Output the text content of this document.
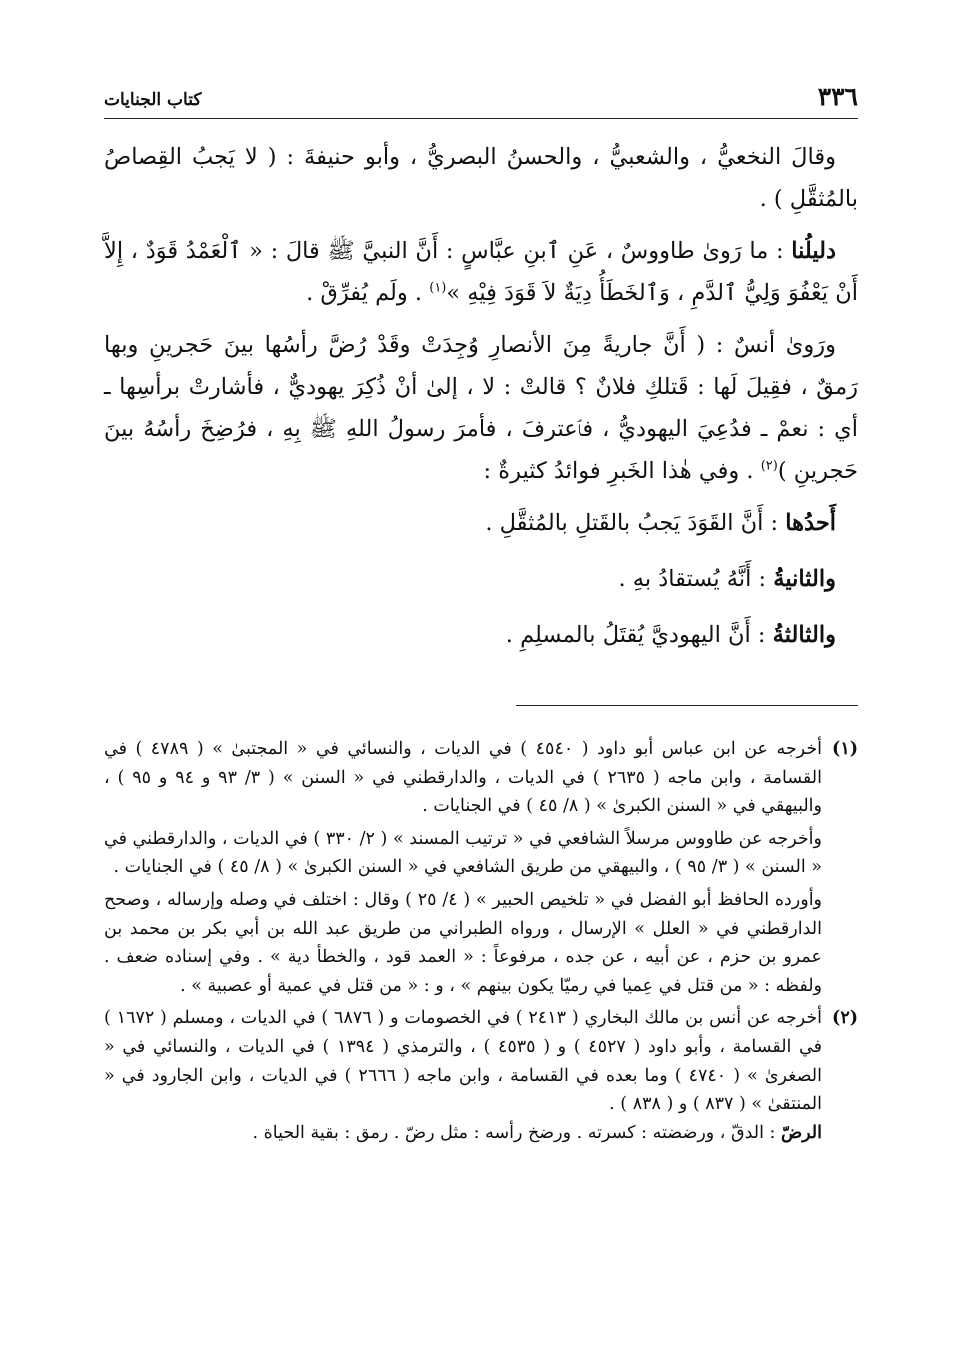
٣٣٦
كتاب الجنايات

وقالَ النخعيُّ ، والشعبيُّ ، والحسنُ البصريُّ ، وأبو حنيفةَ : ( لا يَجبُ القِصاصُ بالمُثقَّلِ ) .

دليلُنا : ما رَوىٰ طاووسٌ ، عَنِ ٱبنِ عبَّاسٍ : أَنَّ النبيَّ ﷺ قالَ : « ٱلْعَمْدُ قَوَدٌ ، إِلاَّ أَنْ يَعْفُوَ وَلِيُّ ٱلدَّمِ ، وَٱلخَطَأُ دِيَةٌ لاَ قَوَدَ فِيْهِ »$^{(١)}$ . ولَم يُفرِّقْ .

ورَوىٰ أنسٌ : ( أَنَّ جاريةً مِنَ الأنصارِ وُجِدَتْ وقَدْ رُضَّ رأسُها بينَ حَجرينِ وبها رَمقٌ ، فقِيلَ لَها : قَتلكِ فلانٌ ؟ قالتْ : لا ، إلىٰ أنْ ذُكِرَ يهوديٌّ ، فأشارتْ برأسِها ـ أي : نعمْ ـ فدُعِيَ اليهوديُّ ، فٱعترفَ ، فأمرَ رسولُ اللهِ ﷺ بِهِ ، فرُضِخَ رأسُهُ بينَ حَجرينِ )$^{(٢)}$ . وفي هٰذا الخَبرِ فوائدُ كثيرةٌ :

أَحدُها : أَنَّ القَوَدَ يَجبُ بالقَتلِ بالمُثقَّلِ .

والثانيةُ : أَنَّهُ يُستقادُ بهِ .

والثالثةُ : أَنَّ اليهوديَّ يُقتَلُ بالمسلِمِ .

(١)

أخرجه عن ابن عباس أبو داود ( ٤٥٤٠ ) في الديات ، والنسائي في « المجتبىٰ » ( ٤٧٨٩ ) في القسامة ، وابن ماجه ( ٢٦٣٥ ) في الديات ، والدارقطني في « السنن » ( ٣/ ٩٣ و ٩٤ و ٩٥ ) ، والبيهقي في « السنن الكبرىٰ » ( ٨/ ٤٥ ) في الجنايات .

وأخرجه عن طاووس مرسلاً الشافعي في « ترتيب المسند » ( ٢/ ٣٣٠ ) في الديات ، والدارقطني في « السنن » ( ٣/ ٩٥ ) ، والبيهقي من طريق الشافعي في « السنن الكبرىٰ » ( ٨/ ٤٥ ) في الجنايات .

وأورده الحافظ أبو الفضل في « تلخيص الحبير » ( ٤/ ٢٥ ) وقال : اختلف في وصله وإرساله ، وصحح الدارقطني في « العلل » الإرسال ، ورواه الطبراني من طريق عبد الله بن أبي بكر بن محمد بن عمرو بن حزم ، عن أبيه ، عن جده ، مرفوعاً : « العمد قود ، والخطأ دية » . وفي إسناده ضعف . ولفظه : « من قتل في عِميا في رميّا يكون بينهم » ، و : « من قتل في عمية أو عصبية » .

(٢)

أخرجه عن أنس بن مالك البخاري ( ٢٤١٣ ) في الخصومات و ( ٦٨٧٦ ) في الديات ، ومسلم ( ١٦٧٢ ) في القسامة ، وأبو داود ( ٤٥٢٧ ) و ( ٤٥٣٥ ) ، والترمذي ( ١٣٩٤ ) في الديات ، والنسائي في « الصغرىٰ » ( ٤٧٤٠ ) وما بعده في القسامة ، وابن ماجه ( ٢٦٦٦ ) في الديات ، وابن الجارود في « المنتقىٰ » ( ٨٣٧ ) و ( ٨٣٨ ) .

الرضّ : الدقّ ، ورضضته : كسرته . ورضخ رأسه : مثل رضّ . رمق : بقية الحياة .
